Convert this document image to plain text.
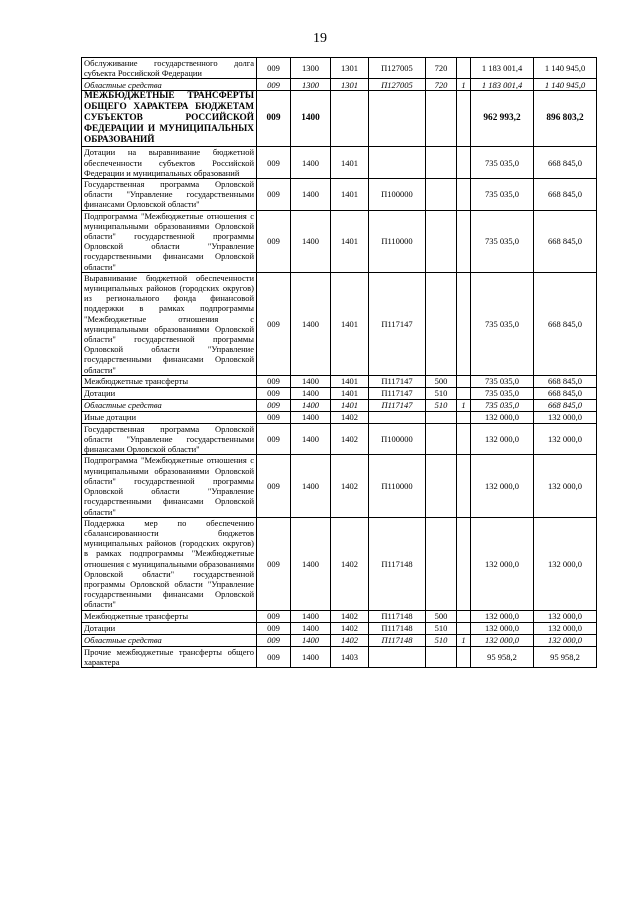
19
Обслуживание государственного долга субъекта Российской Федерации	009	1300	1301	П127005	720		1 183 001,4	1 140 945,0
Областные средства	009	1300	1301	П127005	720	1	1 183 001,4	1 140 945,0
МЕЖБЮДЖЕТНЫЕ ТРАНСФЕРТЫ ОБЩЕГО ХАРАКТЕРА БЮДЖЕТАМ СУБЪЕКТОВ РОССИЙСКОЙ ФЕДЕРАЦИИ И МУНИЦИПАЛЬНЫХ ОБРАЗОВАНИЙ	009	1400					962 993,2	896 803,2
Дотации на выравнивание бюджетной обеспеченности субъектов Российской Федерации и муниципальных образований	009	1400	1401				735 035,0	668 845,0
Государственная программа Орловской области "Управление государственными финансами Орловской области"	009	1400	1401	П100000			735 035,0	668 845,0
Подпрограмма "Межбюджетные отношения с муниципальными образованиями Орловской области" государственной программы Орловской области "Управление государственными финансами Орловской области"	009	1400	1401	П110000			735 035,0	668 845,0
Выравнивание бюджетной обеспеченности муниципальных районов (городских округов) из регионального фонда финансовой поддержки в рамках подпрограммы "Межбюджетные отношения с муниципальными образованиями Орловской области" государственной программы Орловской области "Управление государственными финансами Орловской области"	009	1400	1401	П117147			735 035,0	668 845,0
Межбюджетные трансферты	009	1400	1401	П117147	500		735 035,0	668 845,0
Дотации	009	1400	1401	П117147	510		735 035,0	668 845,0
Областные средства	009	1400	1401	П117147	510	1	735 035,0	668 845,0
Иные дотации	009	1400	1402				132 000,0	132 000,0
Государственная программа Орловской области "Управление государственными финансами Орловской области"	009	1400	1402	П100000			132 000,0	132 000,0
Подпрограмма "Межбюджетные отношения с муниципальными образованиями Орловской области" государственной программы Орловской области "Управление государственными финансами Орловской области"	009	1400	1402	П110000			132 000,0	132 000,0
Поддержка мер по обеспечению сбалансированности бюджетов муниципальных районов (городских округов) в рамках подпрограммы "Межбюджетные отношения с муниципальными образованиями Орловской области" государственной программы Орловской области "Управление государственными финансами Орловской области"	009	1400	1402	П117148			132 000,0	132 000,0
Межбюджетные трансферты	009	1400	1402	П117148	500		132 000,0	132 000,0
Дотации	009	1400	1402	П117148	510		132 000,0	132 000,0
Областные средства	009	1400	1402	П117148	510	1	132 000,0	132 000,0
Прочие межбюджетные трансферты общего характера	009	1400	1403				95 958,2	95 958,2
